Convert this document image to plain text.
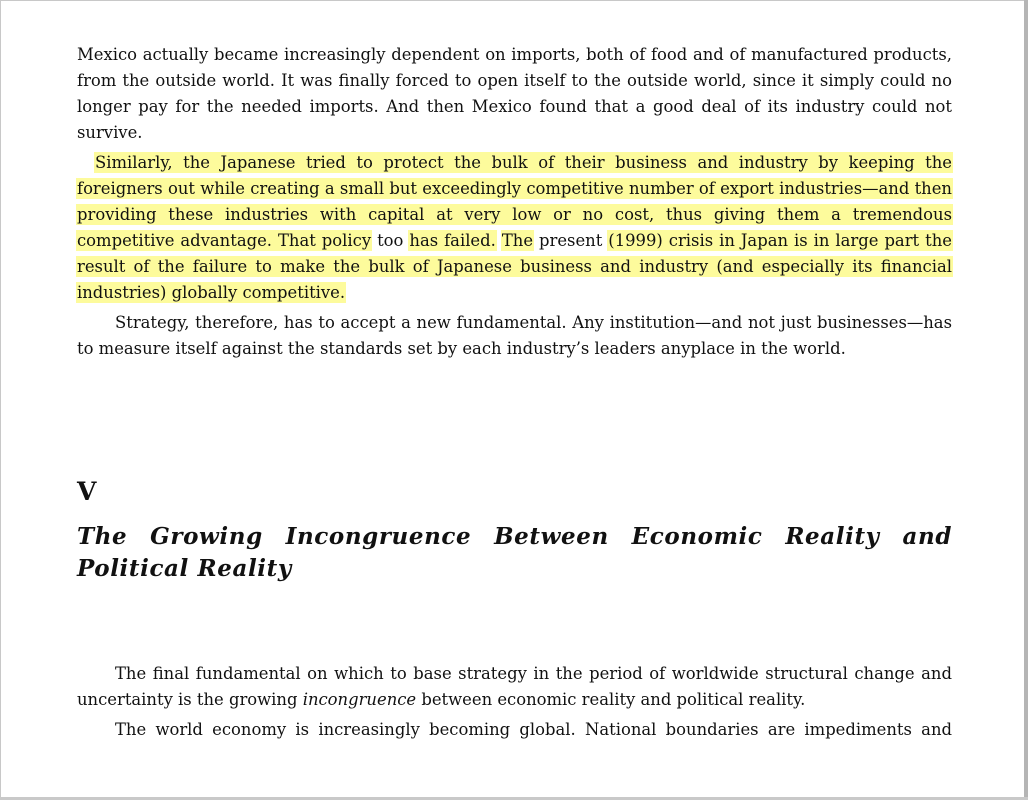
Mexico actually became increasingly dependent on imports, both of food and of manufactured products, from the outside world. It was finally forced to open itself to the outside world, since it simply could no longer pay for the needed imports. And then Mexico found that a good deal of its industry could not survive.

Similarly, the Japanese tried to protect the bulk of their business and industry by keeping the foreigners out while creating a small but exceedingly competitive number of export industries—and then providing these industries with capital at very low or no cost, thus giving them a tremendous competitive advantage. That policy too has failed. The present (1999) crisis in Japan is in large part the result of the failure to make the bulk of Japanese business and industry (and especially its financial industries) globally competitive.

Strategy, therefore, has to accept a new fundamental. Any institution—and not just businesses—has to measure itself against the standards set by each industry’s leaders anyplace in the world.

V
The Growing Incongruence Between Economic Reality and Political Reality

The final fundamental on which to base strategy in the period of worldwide structural change and uncertainty is the growing incongruence between economic reality and political reality.

The world economy is increasingly becoming global. National boundaries are impediments and
